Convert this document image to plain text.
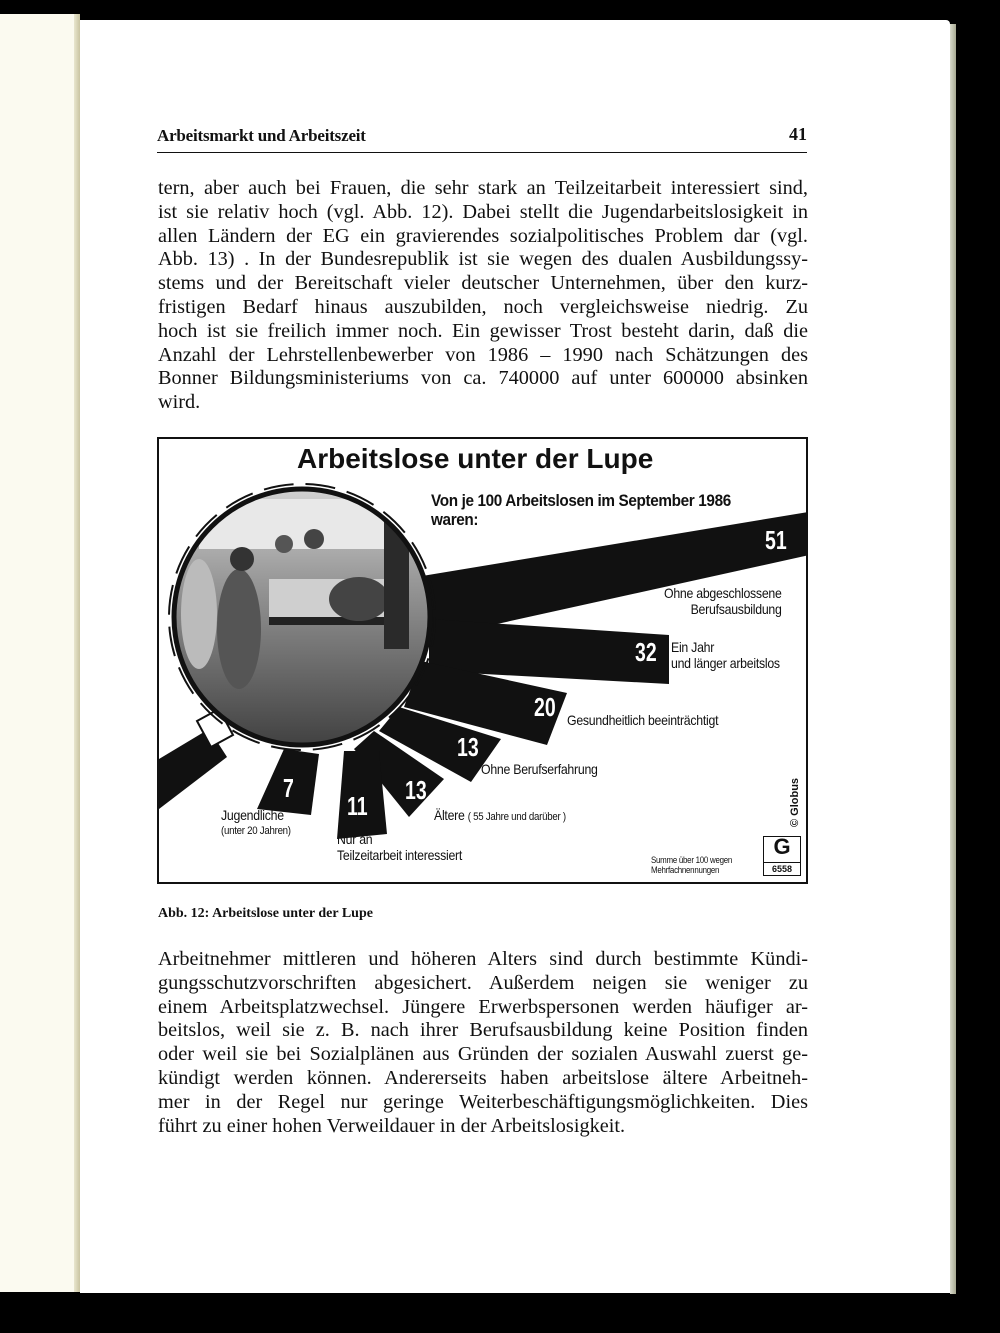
Arbeitsmarkt und Arbeitszeit	41
tern, aber auch bei Frauen, die sehr stark an Teilzeitarbeit interessiert sind,
ist sie relativ hoch (vgl. Abb. 12). Dabei stellt die Jugendarbeitslosigkeit in
allen Ländern der EG ein gravierendes sozialpolitisches Problem dar (vgl.
Abb. 13) . In der Bundesrepublik ist sie wegen des dualen Ausbildungssy-
stems und der Bereitschaft vieler deutscher Unternehmen, über den kurz-
fristigen Bedarf hinaus auszubilden, noch vergleichsweise niedrig. Zu
hoch ist sie freilich immer noch. Ein gewisser Trost besteht darin, daß die
Anzahl der Lehrstellenbewerber von 1986 – 1990 nach Schätzungen des
Bonner Bildungsministeriums von ca. 740000 auf unter 600000 absinken
wird.
Arbeitslose unter der Lupe
Von je 100 Arbeitslosen im September 1986
waren:
51
Ohne abgeschlossene
Berufsausbildung
32 Ein Jahr
und länger arbeitslos
20 Gesundheitlich beeinträchtigt
13
Ohne Berufserfahrung
13
Ältere ( 55 Jahre und darüber )
11
Nur an
Teilzeitarbeit interessiert
7
Jugendliche
(unter 20 Jahren)
Summe über 100 wegen
Mehrfachnennungen
© Globus
G
6558
Abb. 12: Arbeitslose unter der Lupe
Arbeitnehmer mittleren und höheren Alters sind durch bestimmte Kündi-
gungsschutzvorschriften abgesichert. Außerdem neigen sie weniger zu
einem Arbeitsplatzwechsel. Jüngere Erwerbspersonen werden häufiger ar-
beitslos, weil sie z. B. nach ihrer Berufsausbildung keine Position finden
oder weil sie bei Sozialplänen aus Gründen der sozialen Auswahl zuerst ge-
kündigt werden können. Andererseits haben arbeitslose ältere Arbeitneh-
mer in der Regel nur geringe Weiterbeschäftigungsmöglichkeiten. Dies
führt zu einer hohen Verweildauer in der Arbeitslosigkeit.
